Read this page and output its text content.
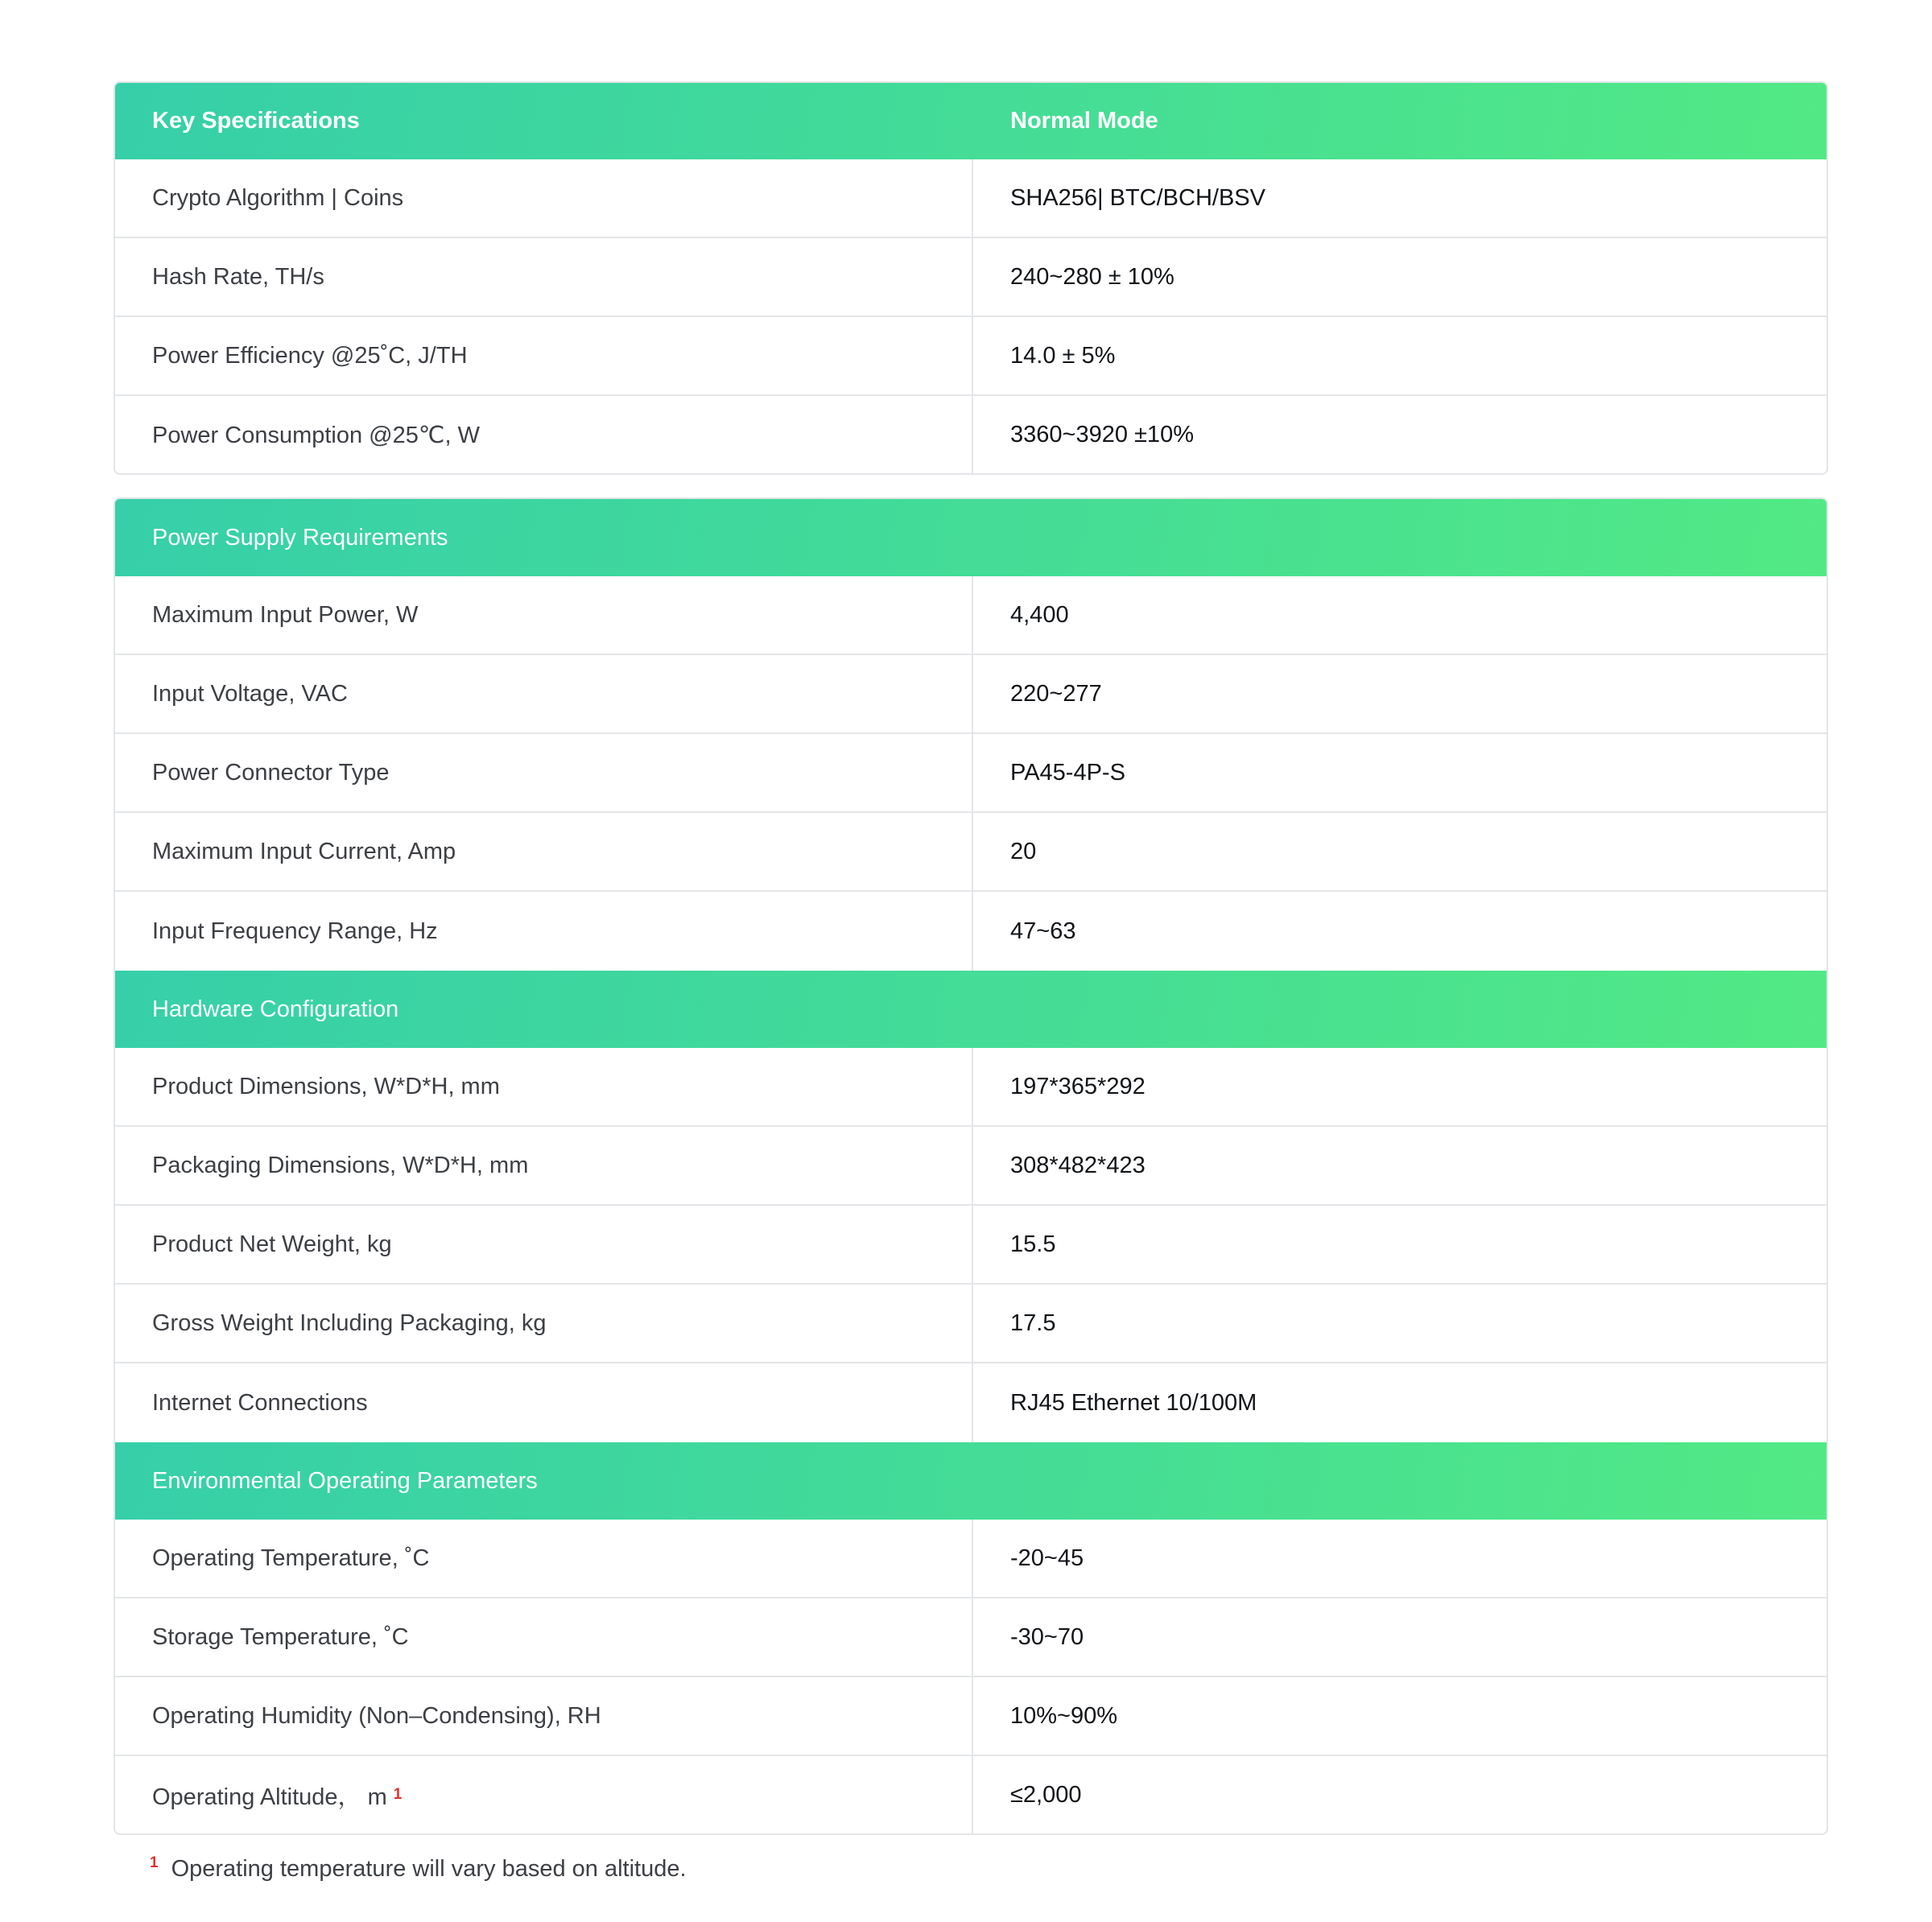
Key Specifications	Normal Mode
Crypto Algorithm | Coins	SHA256| BTC/BCH/BSV
Hash Rate, TH/s	240~280 ± 10%
Power Efficiency @25˚C, J/TH	14.0 ± 5%
Power Consumption @25℃, W	3360~3920 ±10%
Power Supply Requirements
Maximum Input Power, W	4,400
Input Voltage, VAC	220~277
Power Connector Type	PA45-4P-S
Maximum Input Current, Amp	20
Input Frequency Range, Hz	47~63
Hardware Configuration
Product Dimensions, W*D*H, mm	197*365*292
Packaging Dimensions, W*D*H, mm	308*482*423
Product Net Weight, kg	15.5
Gross Weight Including Packaging, kg	17.5
Internet Connections	RJ45 Ethernet 10/100M
Environmental Operating Parameters
Operating Temperature, ˚C	-20~45
Storage Temperature, ˚C	-30~70
Operating Humidity (Non–Condensing), RH	10%~90%
Operating Altitude， m 1	≤2,000
1 Operating temperature will vary based on altitude.
